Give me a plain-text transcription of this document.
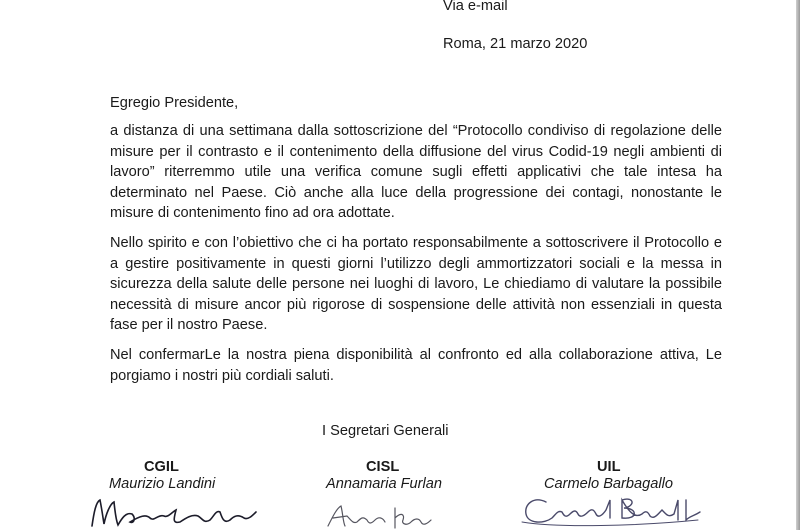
Via e-mail
Roma, 21 marzo 2020

Egregio Presidente,

a distanza di una settimana dalla sottoscrizione del “Protocollo condiviso di regolazione delle misure per il contrasto e il contenimento della diffusione del virus Codid-19 negli ambienti di lavoro” riterremmo utile una verifica comune sugli effetti applicativi che tale intesa ha determinato nel Paese. Ciò anche alla luce della progressione dei contagi, nonostante le misure di contenimento fino ad ora adottate.

Nello spirito e con l’obiettivo che ci ha portato responsabilmente a sottoscrivere il Protocollo e a gestire positivamente in questi giorni l’utilizzo degli ammortizzatori sociali e la messa in sicurezza della salute delle persone nei luoghi di lavoro, Le chiediamo di valutare la possibile necessità di misure ancor più rigorose di sospensione delle attività non essenziali in questa fase per il nostro Paese.

Nel confermarLe la nostra piena disponibilità al confronto ed alla collaborazione attiva, Le porgiamo i nostri più cordiali saluti.

I Segretari Generali
CGIL
Maurizio Landini
CISL
Annamaria Furlan
UIL
Carmelo Barbagallo
